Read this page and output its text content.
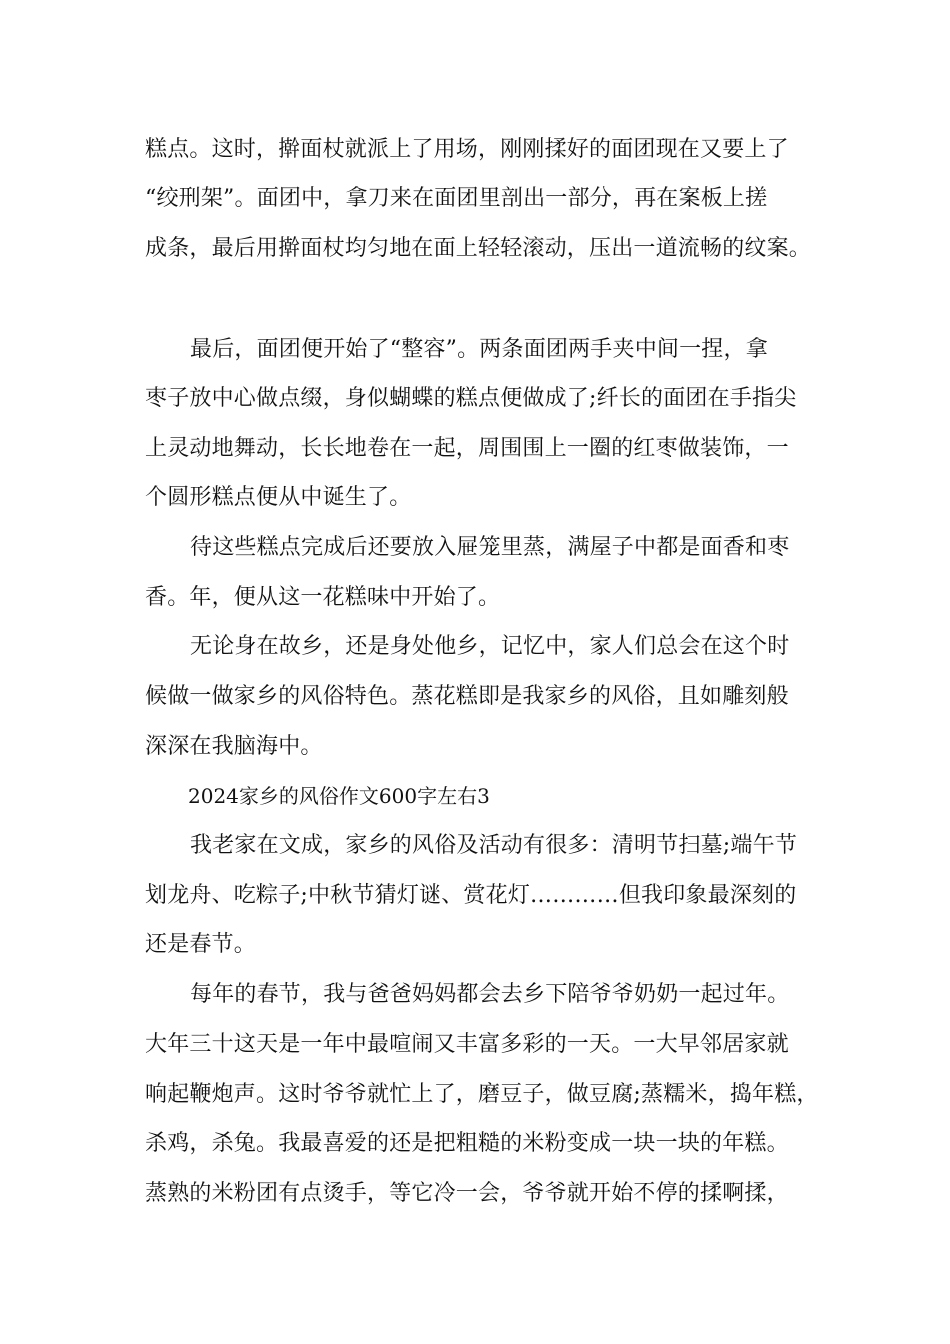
糕点。这时，擀面杖就派上了用场，刚刚揉好的面团现在又要上了
“绞刑架”。面团中，拿刀来在面团里剖出一部分，再在案板上搓
成条，最后用擀面杖均匀地在面上轻轻滚动，压出一道流畅的纹案。
最后，面团便开始了“整容”。两条面团两手夹中间一捏，拿
枣子放中心做点缀，身似蝴蝶的糕点便做成了;纤长的面团在手指尖
上灵动地舞动，长长地卷在一起，周围围上一圈的红枣做装饰，一
个圆形糕点便从中诞生了。
待这些糕点完成后还要放入屉笼里蒸，满屋子中都是面香和枣
香。年，便从这一花糕味中开始了。
无论身在故乡，还是身处他乡，记忆中，家人们总会在这个时
候做一做家乡的风俗特色。蒸花糕即是我家乡的风俗，且如雕刻般
深深在我脑海中。
2024家乡的风俗作文600字左右3
我老家在文成，家乡的风俗及活动有很多：清明节扫墓;端午节
划龙舟、吃粽子;中秋节猜灯谜、赏花灯…………但我印象最深刻的
还是春节。
每年的春节，我与爸爸妈妈都会去乡下陪爷爷奶奶一起过年。
大年三十这天是一年中最喧闹又丰富多彩的一天。一大早邻居家就
响起鞭炮声。这时爷爷就忙上了，磨豆子，做豆腐;蒸糯米，捣年糕，
杀鸡，杀兔。我最喜爱的还是把粗糙的米粉变成一块一块的年糕。
蒸熟的米粉团有点烫手，等它冷一会，爷爷就开始不停的揉啊揉，
